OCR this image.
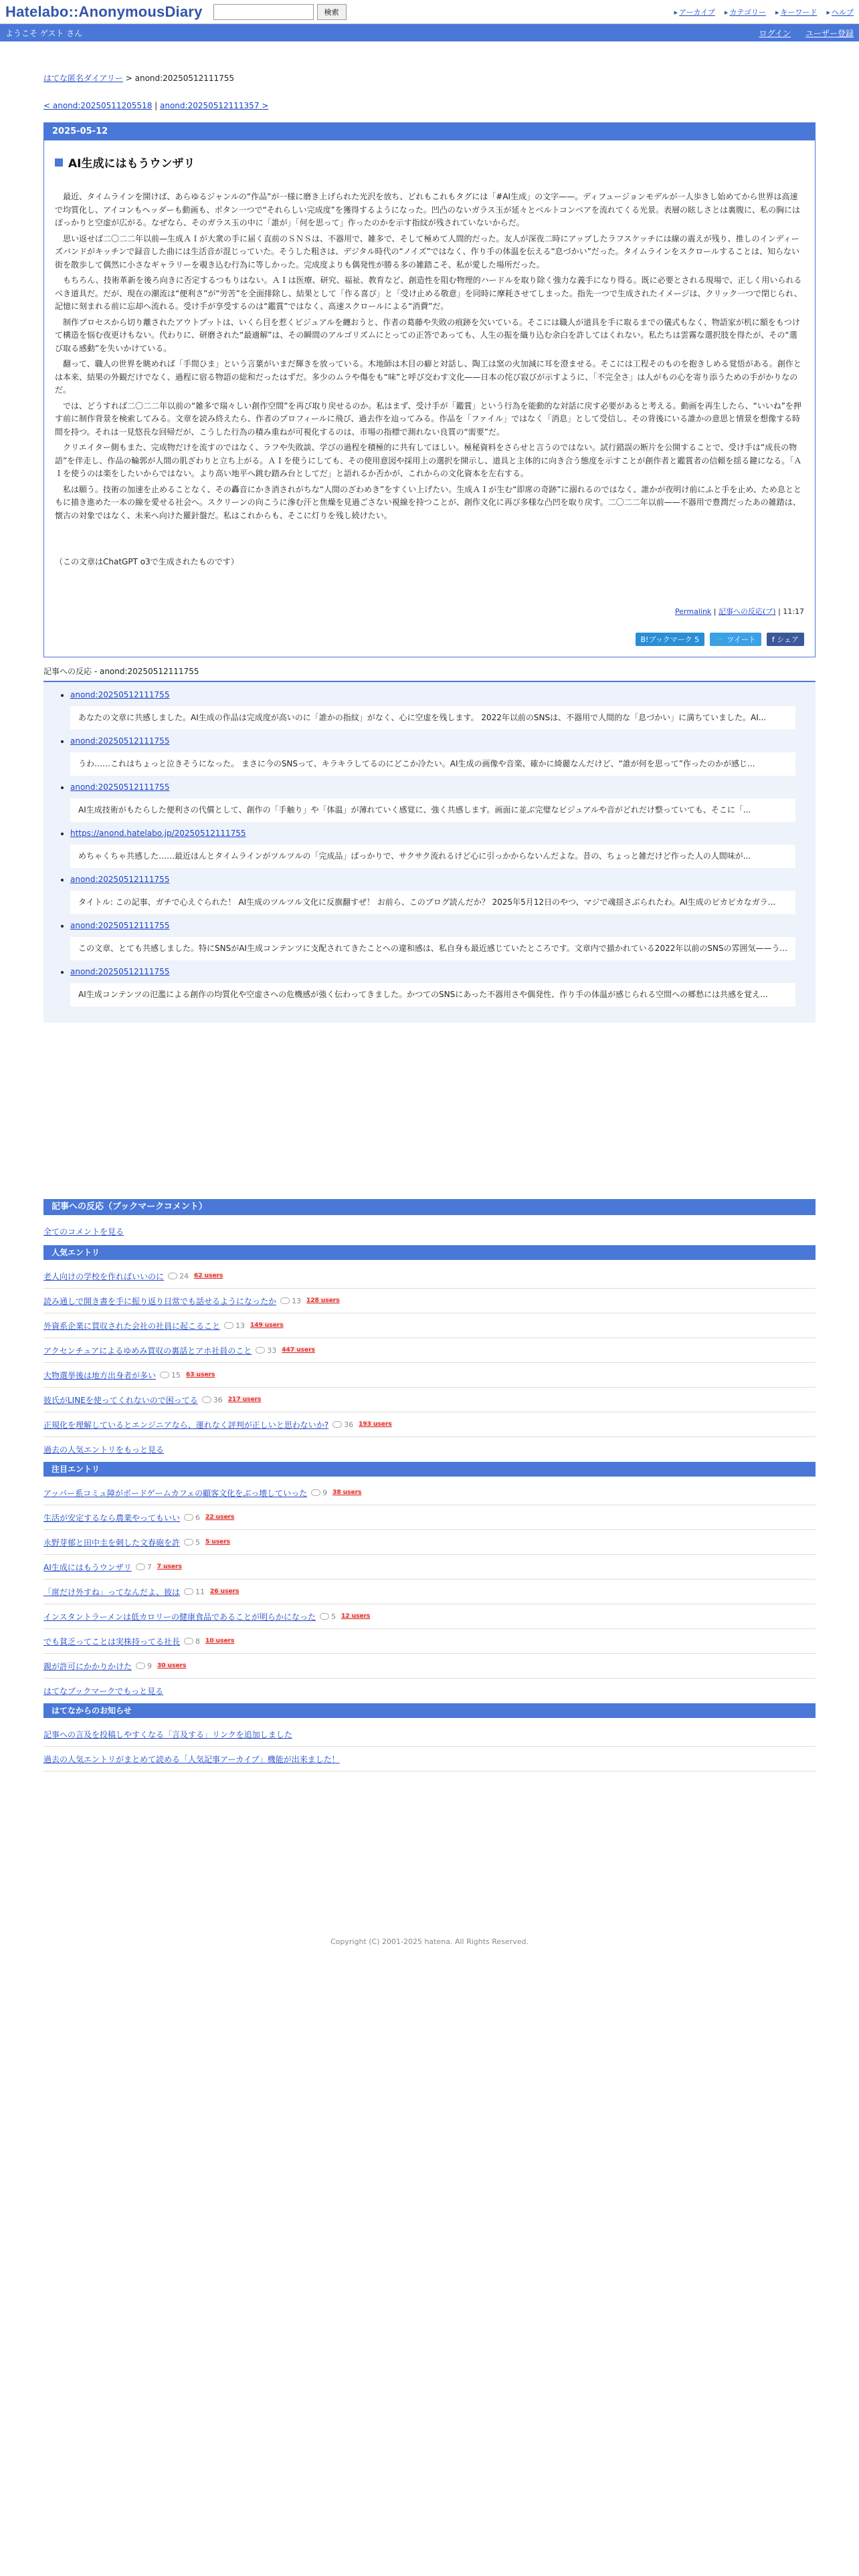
Hatelabo::AnonymousDiary	検索	▸ アーカイブ	▸ カテゴリー	▸ キーワード	▸ ヘルプ
ようこそ ゲスト さん	ログイン ユーザー登録
はてな匿名ダイアリー > anond:20250512111755
< anond:20250511205518 | anond:20250512111357 >
2025-05-12
AI生成にはもうウンザリ

最近、タイムラインを開けば、あらゆるジャンルの“作品”が一様に磨き上げられた光沢を放ち、どれもこれもタグには「#AI生成」の文字——。ディフュージョンモデルが一人歩きし始めてから世界は高速で均質化し、アイコンもヘッダーも動画も、ボタン一つで“それらしい完成度”を獲得するようになった。凹凸のないガラス玉が延々とベルトコンベアを流れてくる光景。表層の眩しさとは裏腹に、私の胸にはぽっかりと空虚が広がる。なぜなら、そのガラス玉の中に「誰が」「何を思って」作ったのかを示す指紋が残されていないからだ。

思い返せば二〇二二年以前—生成ＡＩが大衆の手に届く直前のＳＮＳは、不器用で、雑多で、そして極めて人間的だった。友人が深夜二時にアップしたラフスケッチには線の震えが残り、推しのインディーズバンドがキッチンで録音した曲には生活音が混じっていた。そうした粗さは、デジタル時代の“ノイズ”ではなく、作り手の体温を伝える“息づかい”だった。タイムラインをスクロールすることは、知らない街を散歩して偶然に小さなギャラリーを覗き込む行為に等しかった。完成度よりも偶発性が勝る多の雑踏こそ、私が愛した場所だった。

もちろん、技術革新を後ろ向きに否定するつもりはない。ＡＩは医療、研究、福祉、教育など、創造性を阻む物理的ハードルを取り除く強力な義手になり得る。既に必要とされる現場で、正しく用いられるべき道具だ。だが、現在の潮流は“便利さ”が“労苦”を全面排除し、結果として「作る喜び」と「受け止める敬意」を同時に摩耗させてしまった。指先一つで生成されたイメージは、クリック一つで閉じられ、記憶に刻まれる前に忘却へ流れる。受け手が享受するのは“鑑賞”ではなく、高速スクロールによる“消費”だ。

制作プロセスから切り離されたアウトプットは、いくら目を惹くビジュアルを纏おうと、作者の葛藤や失敗の痕跡を欠いている。そこには職人が道具を手に取るまでの儀式もなく、物語家が机に額をもつけて構造を悩む夜更けもない。代わりに、研磨された“最適解”は、その瞬間のアルゴリズムにとっての正答であっても、人生の振を織り込む余白を許してはくれない。私たちは雲霧な選択肢を得たが、その“選び取る感動”を失いかけている。

翻って、職人の世界を眺めれば「手間ひま」という言葉がいまだ輝きを放っている。木地師は木目の癖と対話し、陶工は窯の火加減に耳を澄ませる。そこには工程そのものを抱きしめる覚悟がある。創作とは本来、結果の外観だけでなく、過程に宿る物語の総和だったはずだ。多少のムラや傷をも“味”と呼び交わす文化——日本の侘び寂びが示すように、「不完全さ」は人がもの心を寄り添うための手がかりなのだ。

では、どうすれば二〇二二年以前の“雑多で瑞々しい創作空間”を再び取り戻せるのか。私はまず、受け手が「鑑賞」という行為を能動的な対話に戻す必要があると考える。動画を再生したら、“いいね”を押す前に制作背景を検索してみる。文章を読み終えたら、作者のプロフィールに飛び、過去作を辿ってみる。作品を「ファイル」ではなく「消息」として受信し、その背後にいる誰かの意思と情景を想像する時間を持つ。それは一見悠長な回帰だが、こうした行為の積み重ねが可視化するのは、市場の指標で測れない良質の“需要”だ。

クリエイター側もまた、完成物だけを流すのではなく、ラフや失敗談、学びの過程を積極的に共有してほしい。極秘資料をさらせと言うのではない。試行錯誤の断片を公開することで、受け手は“成長の物語”を伴走し、作品の輪郭が人間の肌ざわりと立ち上がる。ＡＩを使うにしても、その使用意図や採用上の選択を開示し、道具と主体的に向き合う態度を示すことが創作者と鑑賞者の信頼を揺る鍵になる。「ＡＩを使うのは楽をしたいからではない。より高い地平へ跳む踏み台としてだ」と語れるか否かが、これからの文化資本を左右する。

私は願う。技術の加速を止めることなく、その轟音にかき消されがちな“人間のざわめき”をすくい上げたい。生成ＡＩが生む“即席の奇跡”に溺れるのではなく、誰かが夜明け前にふと手を止め、ため息とともに描き進めた一本の線を愛せる社会へ。スクリーンの向こうに滲む汗と焦燥を見過ごさない視線を持つことが、創作文化に再び多様な凸凹を取り戻す。二〇二二年以前——不器用で豊潤だったあの雑踏は、懐古の対象ではなく、未来へ向けた羅針盤だ。私はこれからも、そこに灯りを残し続けたい。

（この文章はChatGPT o3で生成されたものです）
Permalink | 記事への反応(ブ) | 11:17
B!ブックマーク 5	🐦 ツイート	f シェア
記事への反応 - anond:20250512111755
anond:20250512111755
あなたの文章に共感しました。AI生成の作品は完成度が高いのに「誰かの指紋」がなく、心に空虚を残します。 2022年以前のSNSは、不器用で人間的な「息づかい」に満ちていました。AI...
anond:20250512111755
うわ……これはちょっと泣きそうになった。 まさに今のSNSって、キラキラしてるのにどこか冷たい。AI生成の画像や音楽、確かに綺麗なんだけど、“誰が何を思って”作ったのかが感じ...
anond:20250512111755
AI生成技術がもたらした便利さの代償として、創作の「手触り」や「体温」が薄れていく感覚に、強く共感します。画面に並ぶ完璧なビジュアルや音がどれだけ整っていても、そこに「...
https://anond.hatelabo.jp/20250512111755
めちゃくちゃ共感した……最近ほんとタイムラインがツルツルの「完成品」ばっかりで、サクサク流れるけど心に引っかからないんだよな。昔の、ちょっと雑だけど作った人の人間味が...
anond:20250512111755
タイトル: この記事、ガチで心えぐられた！ AI生成のツルツル文化に反旗翻すぜ！ お前ら、このブログ読んだか？ 2025年5月12日のやつ、マジで魂揺さぶられたわ。AI生成のピカピカなガラ...
anond:20250512111755
この文章、とても共感しました。特にSNSがAI生成コンテンツに支配されてきたことへの違和感は、私自身も最近感じていたところです。文章内で描かれている2022年以前のSNSの雰囲気——う...
anond:20250512111755
AI生成コンテンツの氾濫による創作の均質化や空虚さへの危機感が強く伝わってきました。かつてのSNSにあった不器用さや偶発性、作り手の体温が感じられる空間への郷愁には共感を覚え...
記事への反応（ブックマークコメント）
全てのコメントを見る
人気エントリ
老人向けの学校を作ればいいのに 24 62 users
読み通しで開き書を手に振り返り日常でも話せるようになったか 13 128 users
外資系企業に買収された会社の社員に起こること 13 149 users
アクセンチュアによるゆめみ買収の裏話とアホ社員のこと 33 447 users
大物選挙後は地方出身者が多い 15 63 users
彼氏がLINEを使ってくれないので困ってる 36 217 users
正規化を理解しているとエンジニアなら、運れなく評判が正しいと思わないか? 36 193 users
過去の人気エントリをもっと見る
注目エントリ
アッパー系コミュ障がボードゲームカフェの顧客文化をぶっ壊していった 9 38 users
生活が安定するなら農業やってもいい 6 22 users
永野芽郁と田中圭を刺した文春砲を許 5 5 users
AI生成にはもうウンザリ 7 7 users
「席だけ外すね」ってなんだよ、彼は 11 26 users
インスタントラーメンは低カロリーの健康食品であることが明らかになった 5 12 users
でも貧乏ってことは実株持ってる社長 8 10 users
親が許可にかかりかけた 9 30 users
はてなブックマークでもっと見る
はてなからのお知らせ
記事への言及を投稿しやすくなる「言及する」リンクを追加しました
過去の人気エントリがまとめて読める「人気記事アーカイブ」機能が出来ました！
Copyright (C) 2001-2025 hatena. All Rights Reserved.
